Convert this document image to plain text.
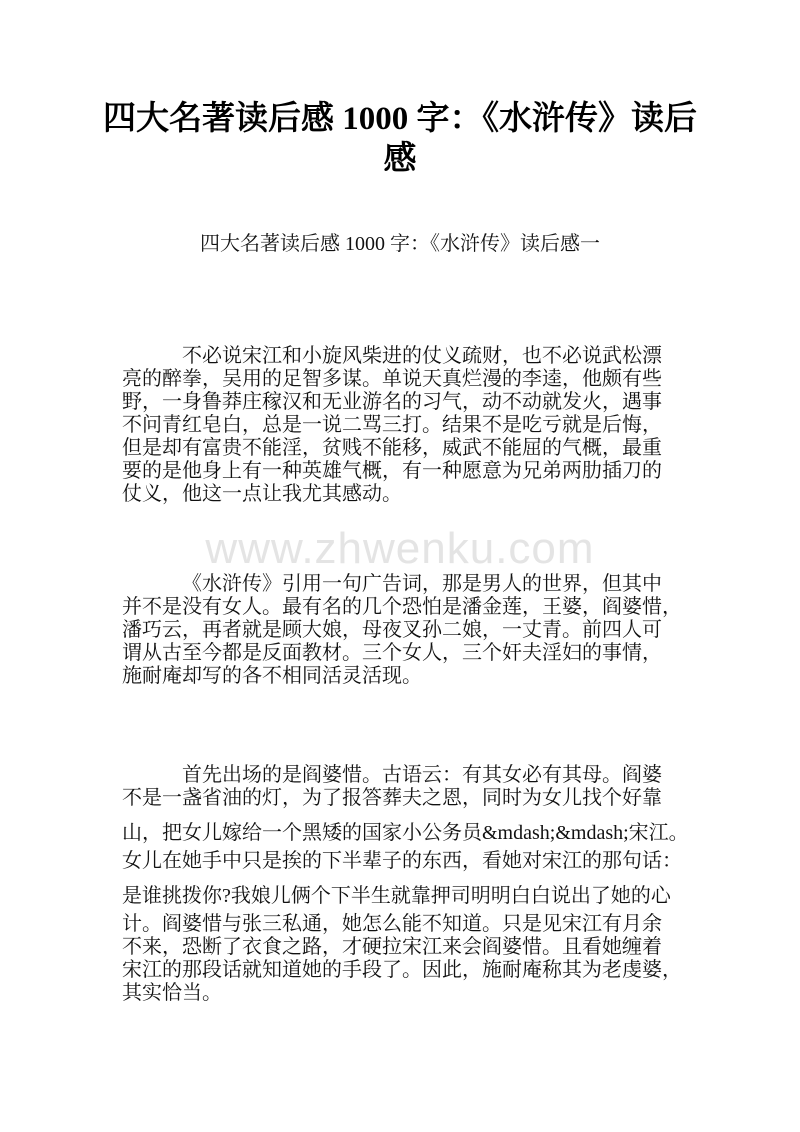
四大名著读后感 1000 字：《水浒传》读后
感
四大名著读后感 1000 字：《水浒传》读后感一
不必说宋江和小旋风柴进的仗义疏财，也不必说武松漂
亮的醉拳，吴用的足智多谋。单说天真烂漫的李逵，他颇有些
野，一身鲁莽庄稼汉和无业游名的习气，动不动就发火，遇事
不问青红皂白，总是一说二骂三打。结果不是吃亏就是后悔，
但是却有富贵不能淫，贫贱不能移，威武不能屈的气概，最重
要的是他身上有一种英雄气概，有一种愿意为兄弟两肋插刀的
仗义，他这一点让我尤其感动。
www.zhwenku.com
《水浒传》引用一句广告词，那是男人的世界，但其中
并不是没有女人。最有名的几个恐怕是潘金莲，王婆，阎婆惜，
潘巧云，再者就是顾大娘，母夜叉孙二娘，一丈青。前四人可
谓从古至今都是反面教材。三个女人，三个奸夫淫妇的事情，
施耐庵却写的各不相同活灵活现。
首先出场的是阎婆惜。古语云：有其女必有其母。阎婆
不是一盏省油的灯，为了报答葬夫之恩，同时为女儿找个好靠
山，把女儿嫁给一个黑矮的国家小公务员&mdash;&mdash;宋江。
女儿在她手中只是挨的下半辈子的东西，看她对宋江的那句话：
是谁挑拨你?我娘儿俩个下半生就靠押司明明白白说出了她的心
计。阎婆惜与张三私通，她怎么能不知道。只是见宋江有月余
不来，恐断了衣食之路，才硬拉宋江来会阎婆惜。且看她缠着
宋江的那段话就知道她的手段了。因此，施耐庵称其为老虔婆，
其实恰当。
